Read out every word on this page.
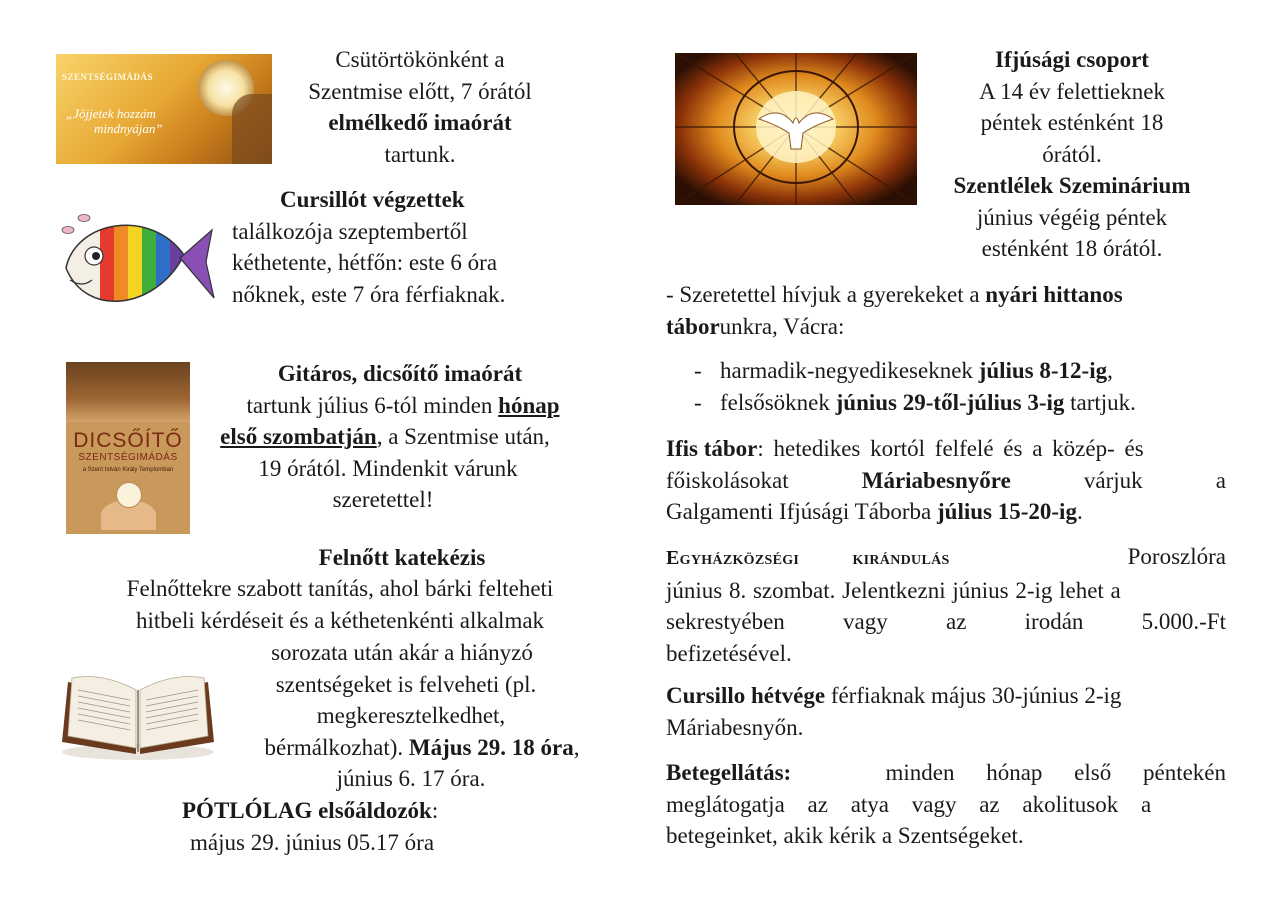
SZENTSÉGIMÁDÁS
„Jöjjetek hozzám
mindnyájan”
Csütörtökönként a
Szentmise előtt, 7 órától
elmélkedő imaórát
tartunk.
Cursillót végzettek
találkozója szeptembertől
kéthetente, hétfőn: este 6 óra
nőknek, este 7 óra férfiaknak.
DICSŐÍTŐ
SZENTSÉGIMÁDÁS
a Szent István Király Templomban
Gitáros, dicsőítő imaórát
tartunk július 6-tól minden hónap
első szombatján, a Szentmise után,
19 órától. Mindenkit várunk
szeretettel!
Felnőtt katekézis
Felnőttekre szabott tanítás, ahol bárki felteheti
hitbeli kérdéseit és a kéthetenkénti alkalmak
sorozata után akár a hiányzó
szentségeket is felveheti (pl.
megkeresztelkedhet,
bérmálkozhat). Május 29. 18 óra,
június 6. 17 óra.
PÓTLÓLAG elsőáldozók:
május 29. június 05.17 óra
Ifjúsági csoport
A 14 év felettieknek
péntek esténként 18
órától.
Szentlélek Szeminárium
június végéig péntek
esténként 18 órától.
- Szeretettel hívjuk a gyerekeket a nyári hittanos
táborunkra, Vácra:
- harmadik-negyedikeseknek július 8-12-ig,
- felsősöknek június 29-től-július 3-ig tartjuk.
Ifis tábor: hetedikes kortól felfelé és a közép- és
főiskolásokat	Máriabesnyőre	várjuk	a
Galgamenti Ifjúsági Táborba július 15-20-ig.
Egyházközségi kirándulás	Poroszlóra
június 8. szombat. Jelentkezni június 2-ig lehet a
sekrestyében	vagy	az	irodán	5.000.-Ft
befizetésével.
Cursillo hétvége férfiaknak május 30-június 2-ig
Máriabesnyőn.
Betegellátás:	minden hónap első péntekén
meglátogatja az atya vagy az akolitusok a
betegeinket, akik kérik a Szentségeket.
